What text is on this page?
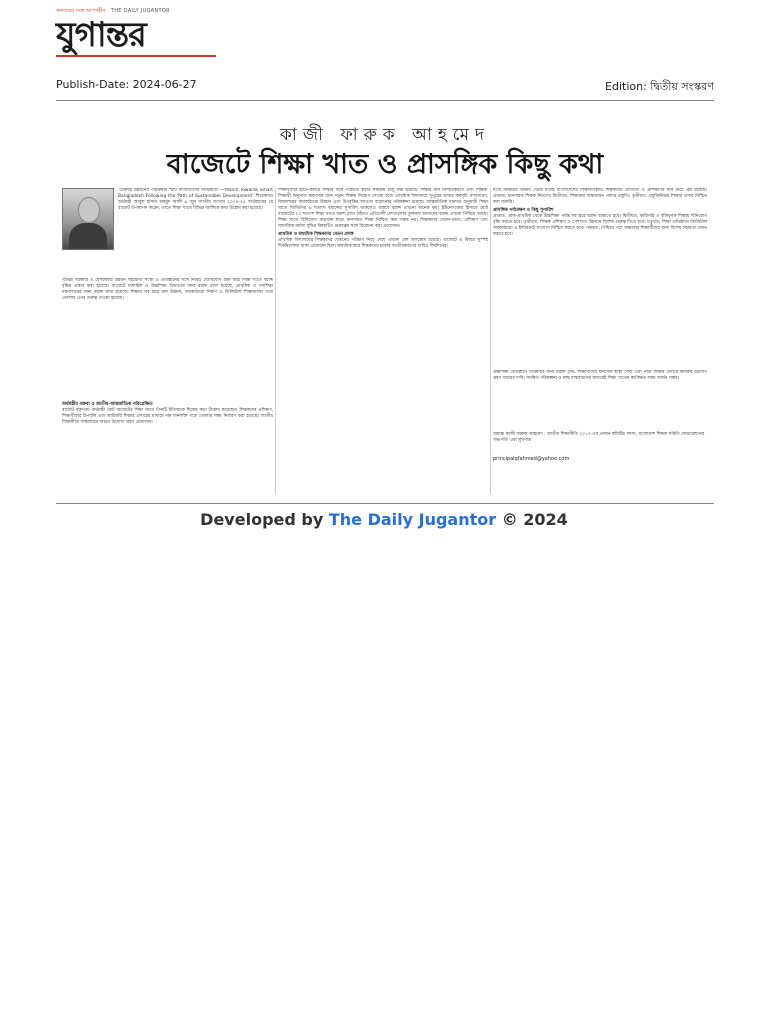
অন্যায়ের সঙ্গে আপসহীন THE DAILY JUGANTOR
যুগান্তর
Publish-Date: 2024-06-27	Edition: দ্বিতীয় সংস্করণ
কাজী ফারুক আহমেদ
বাজেটে শিক্ষা খাত ও প্রাসঙ্গিক কিছু কথা
‘টেকসই উন্নয়নের পরিক্রমায় স্মার্ট বাংলাদেশের অভিযাত্রা’—‘March Towards Smart Bangladesh Following the Path of Sustainable Development’ শিরোনামে অর্থমন্ত্রী আবুল হাসান মাহমুদ আলী ৬ জুন জাতীয় সংসদে ২০২৪-২৫ অর্থবছরের যে বাজেট উপস্থাপন করেন, তাতে শিক্ষা খাতে বিভিন্ন আঙ্গিকে কথা উল্লেখ করা হয়েছে।
বিভিন্ন সরকারি ও বেসরকারি উন্নয়ন সহযোগী সংস্থা ও প্রতিষ্ঠানের সঙ্গে নিবিড় যোগাযোগ রক্ষা করে শিক্ষা খাতে বরাদ্দ বৃদ্ধির প্রস্তাব করা হয়েছে। বাজেটে মাধ্যমিক ও উচ্চশিক্ষা বিভাগের জন্য বরাদ্দ রাখা হয়েছে, প্রাথমিক ও গণশিক্ষা মন্ত্রণালয়ের জন্য বরাদ্দ রাখা হয়েছে। শিক্ষার সব স্তরে মান উন্নয়ন, অবকাঠামো নির্মাণ ও ডিজিটাল শিক্ষাব্যবস্থা গড়ে তোলার ওপর গুরুত্ব দেওয়া হয়েছে।
অর্থমন্ত্রীর বক্তব্য ও জাতীয়-আন্তর্জাতিক পরিপ্রেক্ষিত
বাজেট বক্তৃতায় অর্থমন্ত্রী মোট বাজেটের শিক্ষা খাতে তিনটি ইতিবাচক দিকের কথা উল্লেখ করেছেন। শিক্ষকদের প্রশিক্ষণ, শিক্ষার্থীদের উপবৃত্তি এবং কারিগরি শিক্ষার প্রসারের মাধ্যমে দক্ষ জনশক্তি গড়ে তোলার লক্ষ্য নির্ধারণ করা হয়েছে। জাতীয় শিক্ষানীতি বাস্তবায়নে আরও উদ্যোগ গ্রহণ প্রয়োজন।
শিক্ষার্থীদের হাতে-কলমে শিক্ষার সঙ্গে পরিচিত করার কার্যক্রম চালু করা হয়েছে। শিক্ষার মান নিশ্চিতকরণে এবং শিক্ষক-শিক্ষার্থী অনুপাত কমানোর জন্য নতুন শিক্ষক নিয়োগ দেওয়া হবে। প্রাথমিক বিদ্যালয়ে দুপুরের খাবার কর্মসূচি সম্প্রসারণ, বিদ্যালয়ের অবকাঠামো উন্নয়ন এবং উপবৃত্তির আওতা বাড়ানোর পরিকল্পনা রয়েছে। আন্তর্জাতিক মানদণ্ড অনুযায়ী শিক্ষা খাতে জিডিপির ৬ শতাংশ বরাদ্দের সুপারিশ থাকলেও বাস্তবে বরাদ্দ এখনো অনেক কম। ইউনেসকোর হিসাবে মোট বাজেটের ২০ শতাংশ শিক্ষা খাতে বরাদ্দ রাখা উচিত। প্রতিবেশী দেশগুলোর তুলনায় আমাদের বরাদ্দ এখনো পিছিয়ে আছে। শিক্ষা খাতে বিনিয়োগ বাড়ানো ছাড়া মানসম্মত শিক্ষা নিশ্চিত করা সম্ভব নয়। শিক্ষকদের বেতন-ভাতা, প্রশিক্ষণ এবং সামাজিক মর্যাদা বৃদ্ধির বিষয়টিও গুরুত্বের সঙ্গে বিবেচনা করা প্রয়োজন।
প্রাথমিক ও মাধ্যমিক শিক্ষকদের বেতন প্রসঙ্গ
প্রাথমিক বিদ্যালয়ের শিক্ষকদের বেতনের পরিমাণ নিয়ে দেশে এখনো বেশ অসন্তোষ রয়েছে। বাজেটে এ বিষয়ে সুস্পষ্ট দিকনির্দেশনা থাকা প্রয়োজন ছিল। মাধ্যমিক স্তরে শিক্ষকদের চাকরি জাতীয়করণের দাবিও দীর্ঘদিনের।
মধ্যে সমন্বয়ের অভাব থেকে যাচ্ছে বাংলাদেশের শিক্ষাব্যবস্থায়। শিক্ষকদের যোগ্যতা ও প্রশিক্ষণের মান নিয়ে প্রশ্ন রয়েছে। প্রথমত, মানসম্মত শিক্ষক নিয়োগ; দ্বিতীয়ত, শিক্ষাক্রম বাস্তবায়নে পর্যাপ্ত প্রস্তুতি; তৃতীয়ত, প্রযুক্তিনির্ভর শিক্ষার প্রসার নিশ্চিত করা জরুরি।
প্রাসঙ্গিক পর্যবেক্ষণ ও কিছু সুপারিশ
প্রথমত, প্রাক-প্রাথমিক থেকে উচ্চশিক্ষা পর্যন্ত সব স্তরে বরাদ্দ বাড়াতে হবে। দ্বিতীয়ত, কারিগরি ও বৃত্তিমূলক শিক্ষায় বিনিয়োগ বৃদ্ধি করতে হবে। তৃতীয়ত, শিক্ষক প্রশিক্ষণ ও পেশাগত উন্নয়নে বিশেষ গুরুত্ব দিতে হবে। চতুর্থত, শিক্ষা প্রতিষ্ঠানে ডিজিটাল অবকাঠামো ও ইন্টারনেট সংযোগ নিশ্চিত করতে হবে। পঞ্চমত, পিছিয়ে পড়া অঞ্চলের শিক্ষার্থীদের জন্য বিশেষ সহায়তা প্রদান করতে হবে।
উচ্চশিক্ষা প্রতিষ্ঠানে গবেষণার জন্য বরাদ্দ বৃদ্ধি, শিক্ষার্থীদের মানসিক স্বাস্থ্য সেবা এবং নারী শিক্ষার প্রসারে কার্যকর উদ্যোগ গ্রহণ সময়ের দাবি। সমন্বিত পরিকল্পনা ও স্বচ্ছ বাস্তবায়নের মাধ্যমেই শিক্ষা খাতের কাঙ্ক্ষিত লক্ষ্য অর্জন সম্ভব।
অধ্যক্ষ কাজী ফারুক আহমেদ : জাতীয় শিক্ষানীতি ২০১০-এর প্রণয়ন কমিটির সদস্য; বাংলাদেশ শিক্ষক সমিতি ফেডারেশনের সভাপতি এবং মুখপাত্র
principalqfahmed@yahoo.com
Developed by The Daily Jugantor © 2024
